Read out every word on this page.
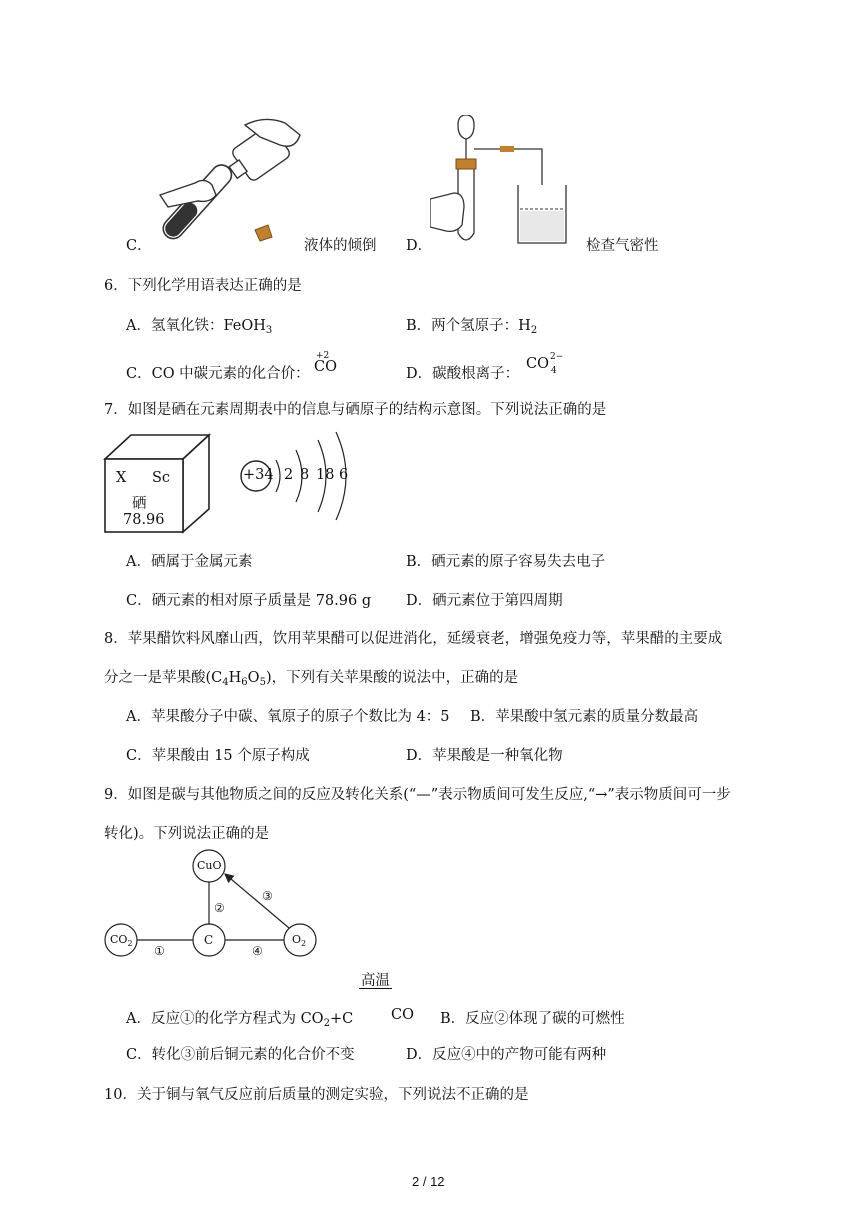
C．	液体的倾倒 D．	检查气密性
6．下列化学用语表达正确的是
A．氢氧化铁：FeOH$_3$	B．两个氢原子：$H_2$
C．CO 中碳元素的化合价：
+2
CO	D．碳酸根离子：
CO 2−
4
7．如图是硒在元素周期表中的信息与硒原子的结构示意图。下列说法正确的是
X Sc
硒
78.96
+34 2 8 18 6
A．硒属于金属元素	B．硒元素的原子容易失去电子
C．硒元素的相对原子质量是 78.96 g D．硒元素位于第四周期
8．苹果醋饮料风靡山西，饮用苹果醋可以促进消化，延缓衰老，增强免疫力等，苹果醋的主要成
分之一是苹果酸$(C_4H_6O_5)$，下列有关苹果酸的说法中，正确的是
A．苹果酸分子中碳、氧原子的原子个数比为 4：5 B．苹果酸中氢元素的质量分数最高
C．苹果酸由 15 个原子构成	D．苹果酸是一种氧化物
9．如图是碳与其他物质之间的反应及转化关系(“—”表示物质间可发生反应,“→”表示物质间可一步
转化)。下列说法正确的是
CuO
$CO_2$	C	$O_2$
①
②
③
④
高温
A．反应①的化学方程式为 $CO_2+C$	CO B．反应②体现了碳的可燃性
C．转化③前后铜元素的化合价不变	D．反应④中的产物可能有两种
10．关于铜与氧气反应前后质量的测定实验，下列说法不正确的是
2 / 12
